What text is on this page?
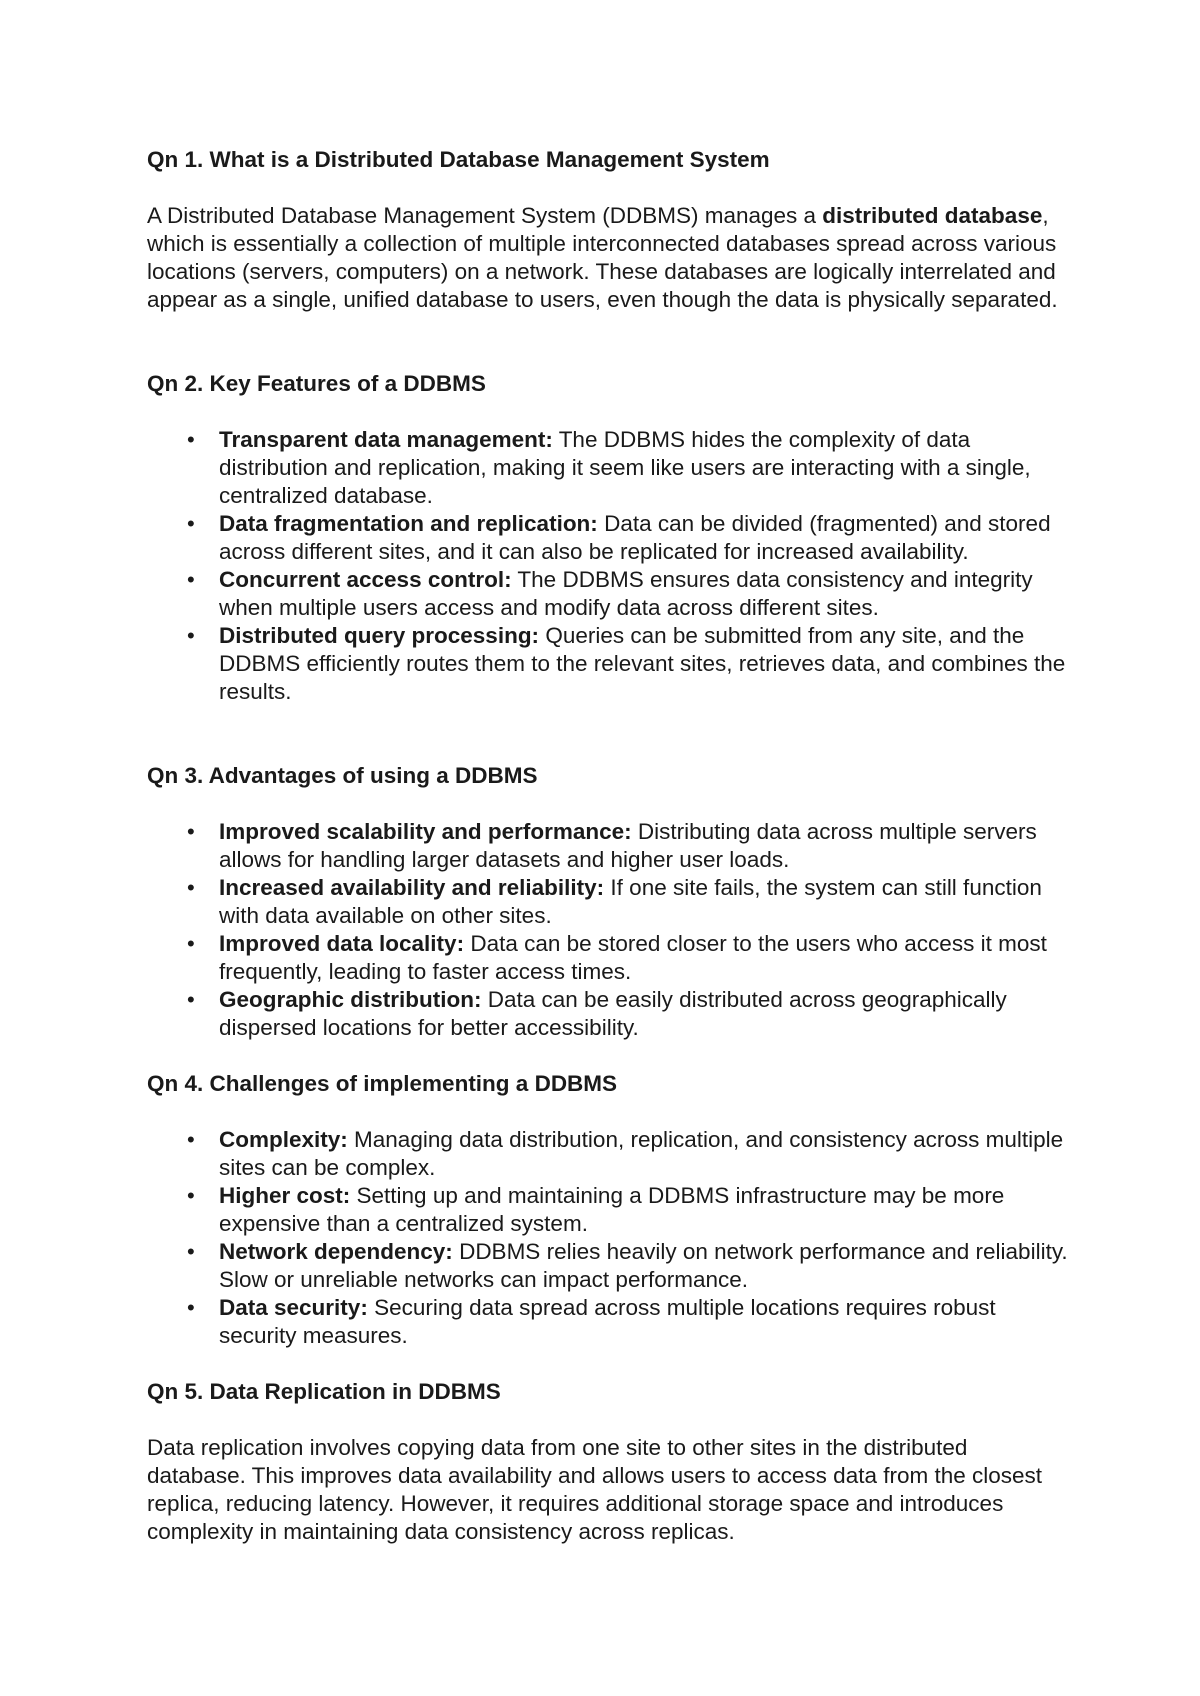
Qn 1. What is a Distributed Database Management System

A Distributed Database Management System (DDBMS) manages a distributed database, which is essentially a collection of multiple interconnected databases spread across various locations (servers, computers) on a network. These databases are logically interrelated and appear as a single, unified database to users, even though the data is physically separated.

Qn 2. Key Features of a DDBMS
• Transparent data management: The DDBMS hides the complexity of data distribution and replication, making it seem like users are interacting with a single, centralized database.
• Data fragmentation and replication: Data can be divided (fragmented) and stored across different sites, and it can also be replicated for increased availability.
• Concurrent access control: The DDBMS ensures data consistency and integrity when multiple users access and modify data across different sites.
• Distributed query processing: Queries can be submitted from any site, and the DDBMS efficiently routes them to the relevant sites, retrieves data, and combines the results.
Qn 3. Advantages of using a DDBMS
• Improved scalability and performance: Distributing data across multiple servers allows for handling larger datasets and higher user loads.
• Increased availability and reliability: If one site fails, the system can still function with data available on other sites.
• Improved data locality: Data can be stored closer to the users who access it most frequently, leading to faster access times.
• Geographic distribution: Data can be easily distributed across geographically dispersed locations for better accessibility.
Qn 4. Challenges of implementing a DDBMS
• Complexity: Managing data distribution, replication, and consistency across multiple sites can be complex.
• Higher cost: Setting up and maintaining a DDBMS infrastructure may be more expensive than a centralized system.
• Network dependency: DDBMS relies heavily on network performance and reliability. Slow or unreliable networks can impact performance.
• Data security: Securing data spread across multiple locations requires robust security measures.
Qn 5. Data Replication in DDBMS

Data replication involves copying data from one site to other sites in the distributed database. This improves data availability and allows users to access data from the closest replica, reducing latency. However, it requires additional storage space and introduces complexity in maintaining data consistency across replicas.
